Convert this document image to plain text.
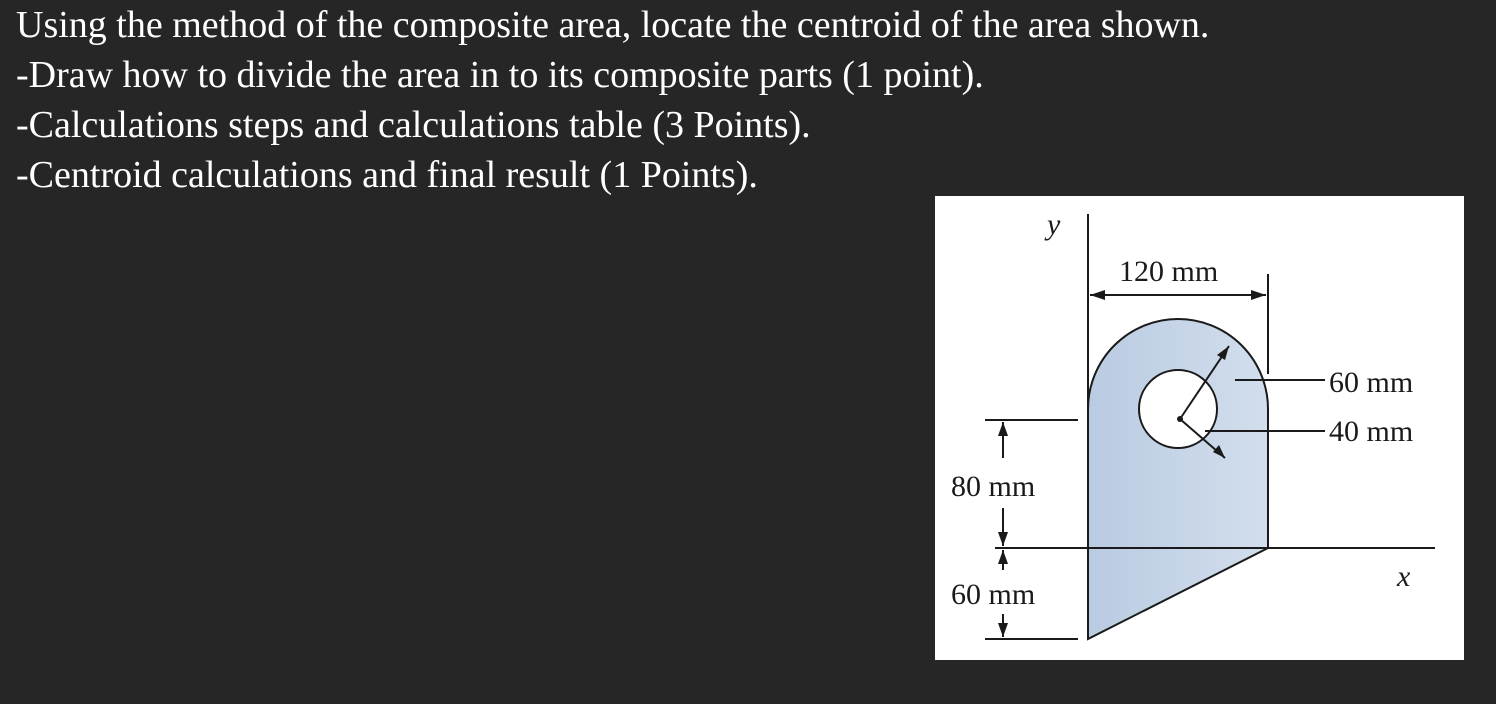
Using the method of the composite area, locate the centroid of the area shown.
-Draw how to divide the area in to its composite parts (1 point).
-Calculations steps and calculations table (3 Points).
-Centroid calculations and final result (1 Points).
y
x
120 mm
60 mm
40 mm
80 mm
60 mm
